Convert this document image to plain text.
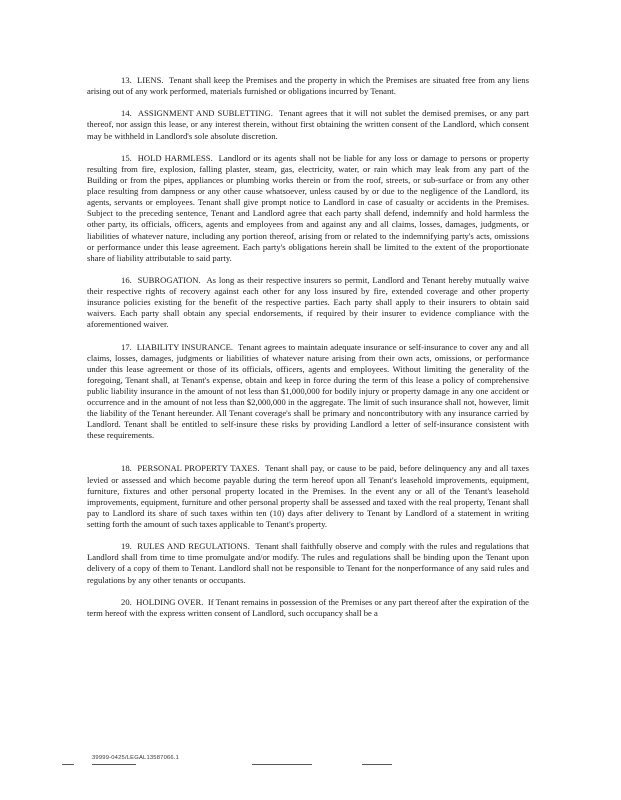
13. LIENS. Tenant shall keep the Premises and the property in which the Premises are situated free from any liens arising out of any work performed, materials furnished or obligations incurred by Tenant.

14. ASSIGNMENT AND SUBLETTING. Tenant agrees that it will not sublet the demised premises, or any part thereof, nor assign this lease, or any interest therein, without first obtaining the written consent of the Landlord, which consent may be withheld in Landlord's sole absolute discretion.

15. HOLD HARMLESS. Landlord or its agents shall not be liable for any loss or damage to persons or property resulting from fire, explosion, falling plaster, steam, gas, electricity, water, or rain which may leak from any part of the Building or from the pipes, appliances or plumbing works therein or from the roof, streets, or sub-surface or from any other place resulting from dampness or any other cause whatsoever, unless caused by or due to the negligence of the Landlord, its agents, servants or employees. Tenant shall give prompt notice to Landlord in case of casualty or accidents in the Premises. Subject to the preceding sentence, Tenant and Landlord agree that each party shall defend, indemnify and hold harmless the other party, its officials, officers, agents and employees from and against any and all claims, losses, damages, judgments, or liabilities of whatever nature, including any portion thereof, arising from or related to the indemnifying party's acts, omissions or performance under this lease agreement. Each party's obligations herein shall be limited to the extent of the proportionate share of liability attributable to said party.

16. SUBROGATION. As long as their respective insurers so permit, Landlord and Tenant hereby mutually waive their respective rights of recovery against each other for any loss insured by fire, extended coverage and other property insurance policies existing for the benefit of the respective parties. Each party shall apply to their insurers to obtain said waivers. Each party shall obtain any special endorsements, if required by their insurer to evidence compliance with the aforementioned waiver.

17. LIABILITY INSURANCE. Tenant agrees to maintain adequate insurance or self-insurance to cover any and all claims, losses, damages, judgments or liabilities of whatever nature arising from their own acts, omissions, or performance under this lease agreement or those of its officials, officers, agents and employees. Without limiting the generality of the foregoing, Tenant shall, at Tenant's expense, obtain and keep in force during the term of this lease a policy of comprehensive public liability insurance in the amount of not less than $1,000,000 for bodily injury or property damage in any one accident or occurrence and in the amount of not less than $2,000,000 in the aggregate. The limit of such insurance shall not, however, limit the liability of the Tenant hereunder. All Tenant coverage's shall be primary and noncontributory with any insurance carried by Landlord. Tenant shall be entitled to self-insure these risks by providing Landlord a letter of self-insurance consistent with these requirements.

18. PERSONAL PROPERTY TAXES. Tenant shall pay, or cause to be paid, before delinquency any and all taxes levied or assessed and which become payable during the term hereof upon all Tenant's leasehold improvements, equipment, furniture, fixtures and other personal property located in the Premises. In the event any or all of the Tenant's leasehold improvements, equipment, furniture and other personal property shall be assessed and taxed with the real property, Tenant shall pay to Landlord its share of such taxes within ten (10) days after delivery to Tenant by Landlord of a statement in writing setting forth the amount of such taxes applicable to Tenant's property.

19. RULES AND REGULATIONS. Tenant shall faithfully observe and comply with the rules and regulations that Landlord shall from time to time promulgate and/or modify. The rules and regulations shall be binding upon the Tenant upon delivery of a copy of them to Tenant. Landlord shall not be responsible to Tenant for the nonperformance of any said rules and regulations by any other tenants or occupants.

20. HOLDING OVER. If Tenant remains in possession of the Premises or any part thereof after the expiration of the term hereof with the express written consent of Landlord, such occupancy shall be a

39999-0425/LEGAL13587066.1
